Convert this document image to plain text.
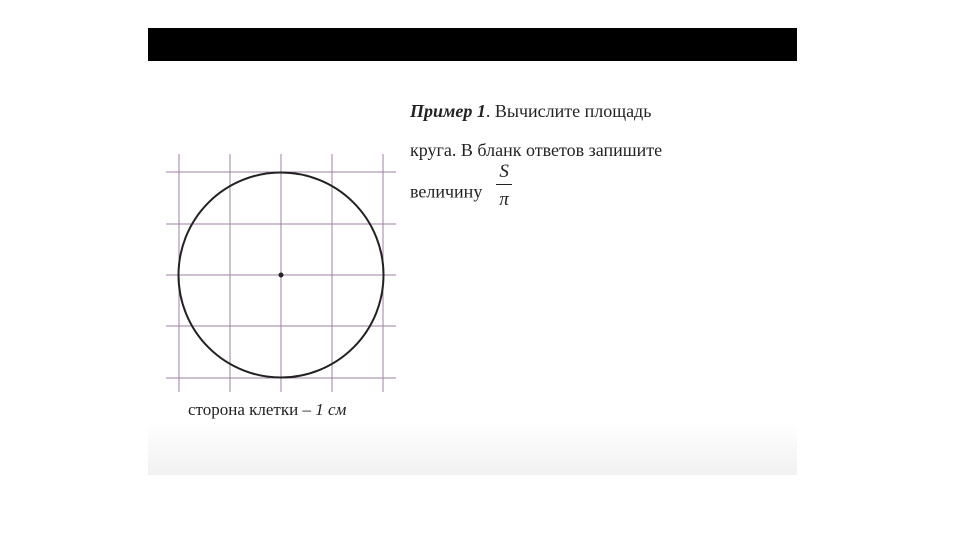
Пример 1. Вычислите площадь
круга. В бланк ответов запишите
величину $\frac{S}{\pi}$
сторона клетки – 1 см
